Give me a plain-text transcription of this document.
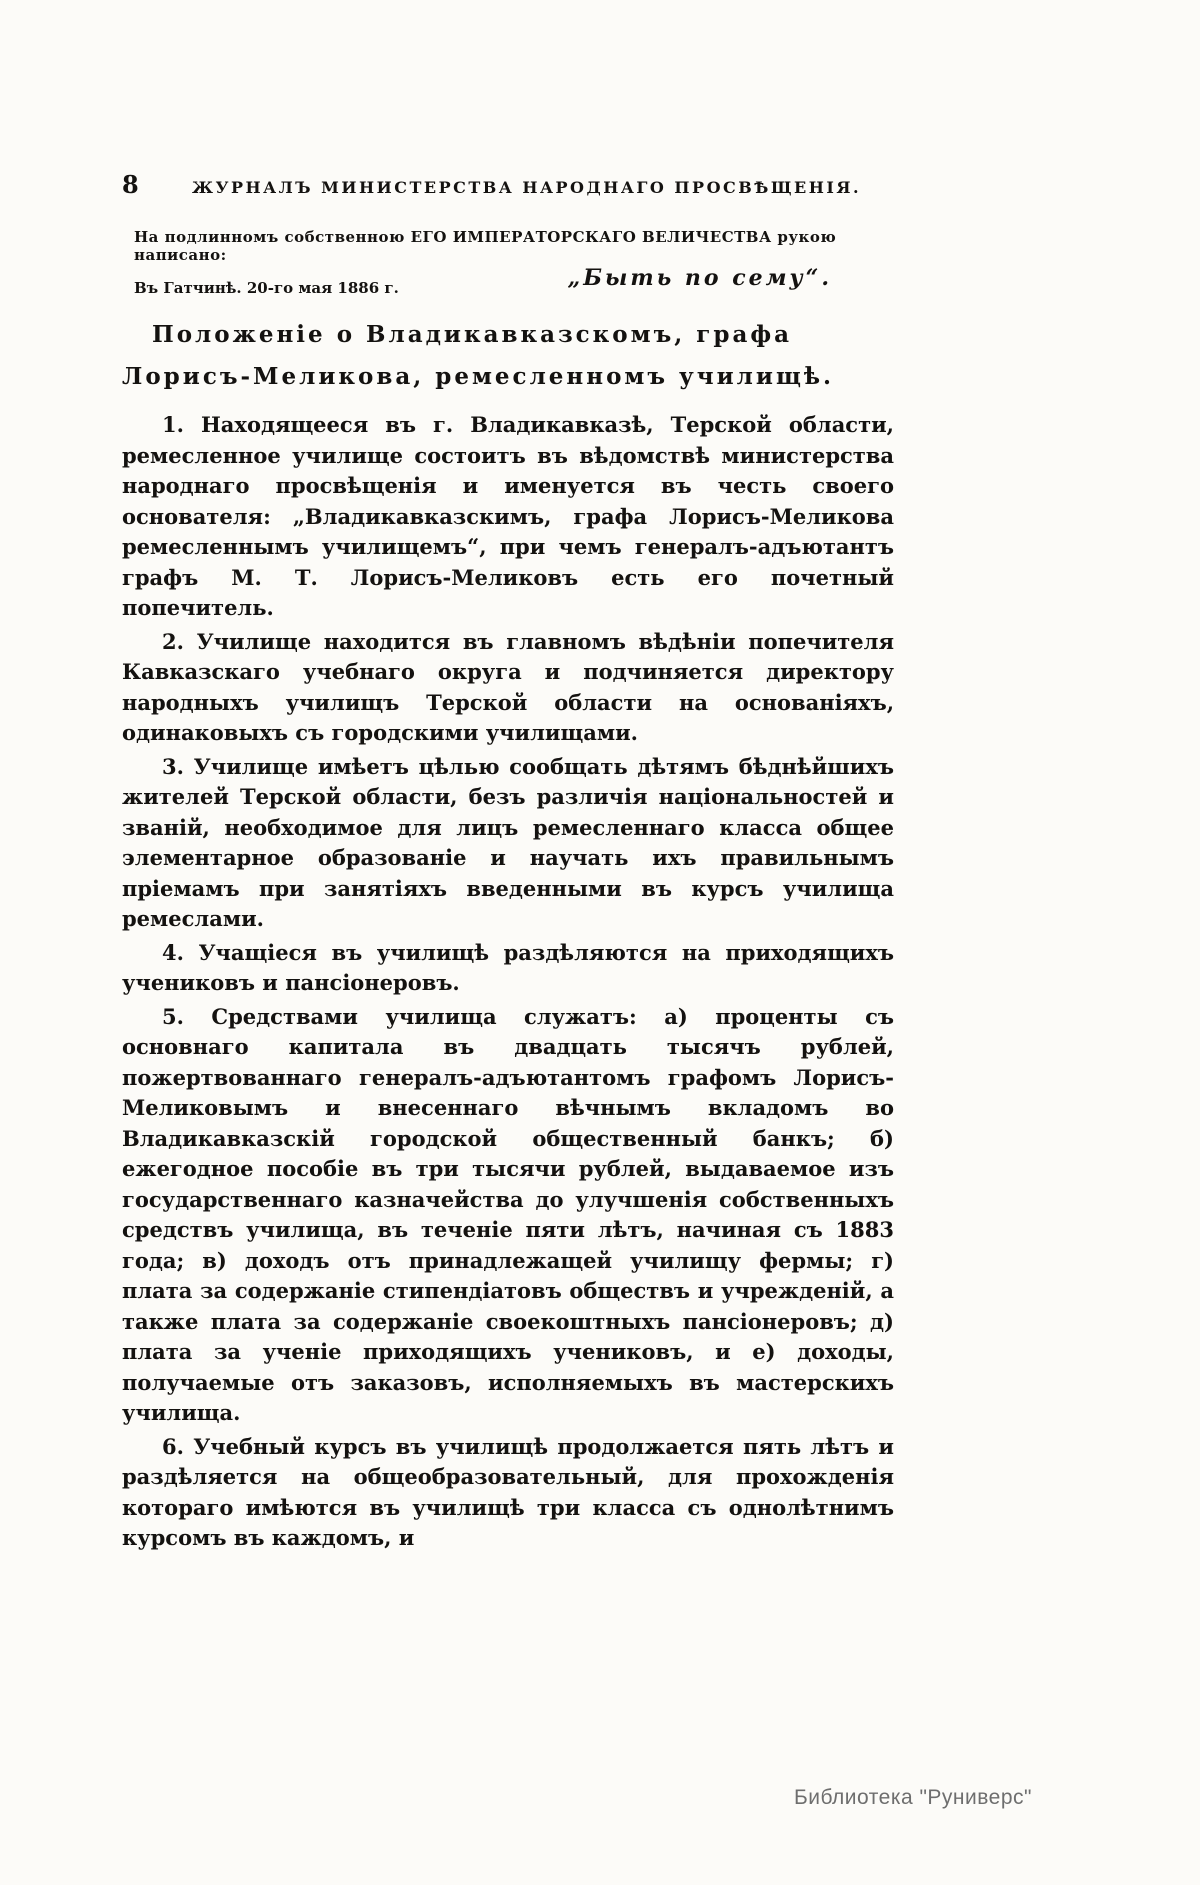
8	ЖУРНАЛЪ МИНИСТЕРСТВА НАРОДНАГО ПРОСВѢЩЕНІЯ.
На подлинномъ собственною ЕГО ИМПЕРАТОРСКАГО ВЕЛИЧЕСТВА рукою написано:
Въ Гатчинѣ. 20-го мая 1886 г.	„Быть по сему“.
Положеніе о Владикавказскомъ, графа Лорисъ-Меликова, ремесленномъ училищѣ.

1. Находящееся въ г. Владикавказѣ, Терской области, ремесленное училище состоитъ въ вѣдомствѣ министерства народнаго просвѣщенія и именуется въ честь своего основателя: „Владикавказскимъ, графа Лорисъ-Меликова ремесленнымъ училищемъ“, при чемъ генералъ-адъютантъ графъ М. Т. Лорисъ-Меликовъ есть его почетный попечитель.

2. Училище находится въ главномъ вѣдѣніи попечителя Кавказскаго учебнаго округа и подчиняется директору народныхъ училищъ Терской области на основаніяхъ, одинаковыхъ съ городскими училищами.

3. Училище имѣетъ цѣлью сообщать дѣтямъ бѣднѣйшихъ жителей Терской области, безъ различія національностей и званій, необходимое для лицъ ремесленнаго класса общее элементарное образованіе и научать ихъ правильнымъ пріемамъ при занятіяхъ введенными въ курсъ училища ремеслами.

4. Учащіеся въ училищѣ раздѣляются на приходящихъ учениковъ и пансіонеровъ.

5. Средствами училища служатъ: а) проценты съ основнаго капитала въ двадцать тысячъ рублей, пожертвованнаго генералъ-адъютантомъ графомъ Лорисъ-Меликовымъ и внесеннаго вѣчнымъ вкладомъ во Владикавказскій городской общественный банкъ; б) ежегодное пособіе въ три тысячи рублей, выдаваемое изъ государственнаго казначейства до улучшенія собственныхъ средствъ училища, въ теченіе пяти лѣтъ, начиная съ 1883 года; в) доходъ отъ принадлежащей училищу фермы; г) плата за содержаніе стипендіатовъ обществъ и учрежденій, а также плата за содержаніе своекоштныхъ пансіонеровъ; д) плата за ученіе приходящихъ учениковъ, и е) доходы, получаемые отъ заказовъ, исполняемыхъ въ мастерскихъ училища.

6. Учебный курсъ въ училищѣ продолжается пять лѣтъ и раздѣляется на общеобразовательный, для прохожденія котораго имѣются въ училищѣ три класса съ однолѣтнимъ курсомъ въ каждомъ, и

Библиотека "Руниверс"
